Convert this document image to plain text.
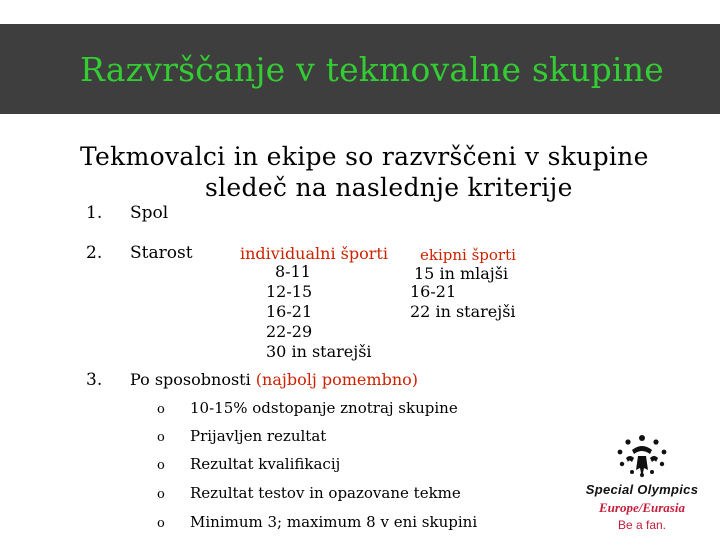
Razvrščanje v tekmovalne skupine
Tekmovalci in ekipe so razvrščeni v skupine
sledeč na naslednje kriterije
1. Spol
2. Starost	individualni športi
8-11
12-15
16-21
22-29
30 in starejši
ekipni športi
15 in mlajši
16-21
22 in starejši
3. Po sposobnosti (najbolj pomembno)
o 10-15% odstopanje znotraj skupine
o Prijavljen rezultat
o Rezultat kvalifikacij
o Rezultat testov in opazovane tekme
o Minimum 3; maximum 8 v eni skupini
Special Olympics
Europe/Eurasia
Be a fan.
